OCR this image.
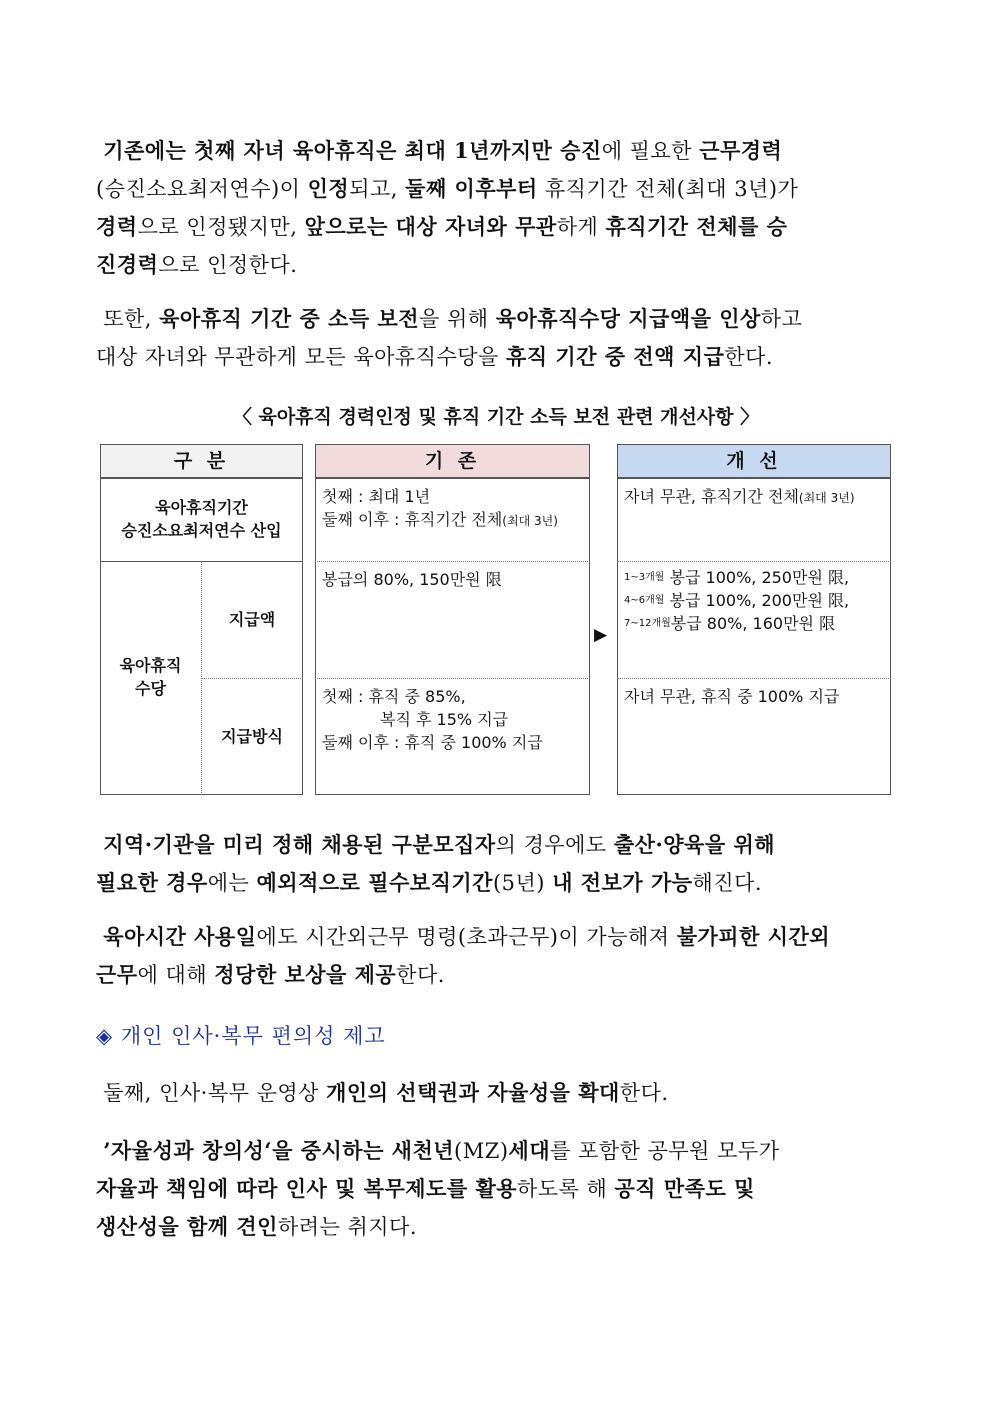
기존에는 첫째 자녀 육아휴직은 최대 1년까지만 승진에 필요한 근무경력
(승진소요최저연수)이 인정되고, 둘째 이후부터 휴직기간 전체(최대 3년)가
경력으로 인정됐지만, 앞으로는 대상 자녀와 무관하게 휴직기간 전체를 승
진경력으로 인정한다.
또한, 육아휴직 기간 중 소득 보전을 위해 육아휴직수당 지급액을 인상하고
대상 자녀와 무관하게 모든 육아휴직수당을 휴직 기간 중 전액 지급한다.
〈 육아휴직 경력인정 및 휴직 기간 소득 보전 관련 개선사항 〉
구 분
육아휴직기간
승진소요최저연수 산입
육아휴직
수당
지급액
지급방식
기 존
첫째 : 최대 1년
둘째 이후 : 휴직기간 전체(최대 3년)
봉급의 80%, 150만원 限
첫째 : 휴직 중 85%,
복직 후 15% 지급
둘째 이후 : 휴직 중 100% 지급
▶
개 선
자녀 무관, 휴직기간 전체(최대 3년)
$^{1\sim 3개월}$ 봉급 100%, 250만원 限,
$^{4\sim 6개월}$ 봉급 100%, 200만원 限,
$^{7\sim 12개월}$봉급 80%, 160만원 限
자녀 무관, 휴직 중 100% 지급
지역·기관을 미리 정해 채용된 구분모집자의 경우에도 출산·양육을 위해
필요한 경우에는 예외적으로 필수보직기간(5년) 내 전보가 가능해진다.
육아시간 사용일에도 시간외근무 명령(초과근무)이 가능해져 불가피한 시간외
근무에 대해 정당한 보상을 제공한다.
◈ 개인 인사·복무 편의성 제고
둘째, 인사·복무 운영상 개인의 선택권과 자율성을 확대한다.
’자율성과 창의성‘을 중시하는 새천년(MZ)세대를 포함한 공무원 모두가
자율과 책임에 따라 인사 및 복무제도를 활용하도록 해 공직 만족도 및
생산성을 함께 견인하려는 취지다.
